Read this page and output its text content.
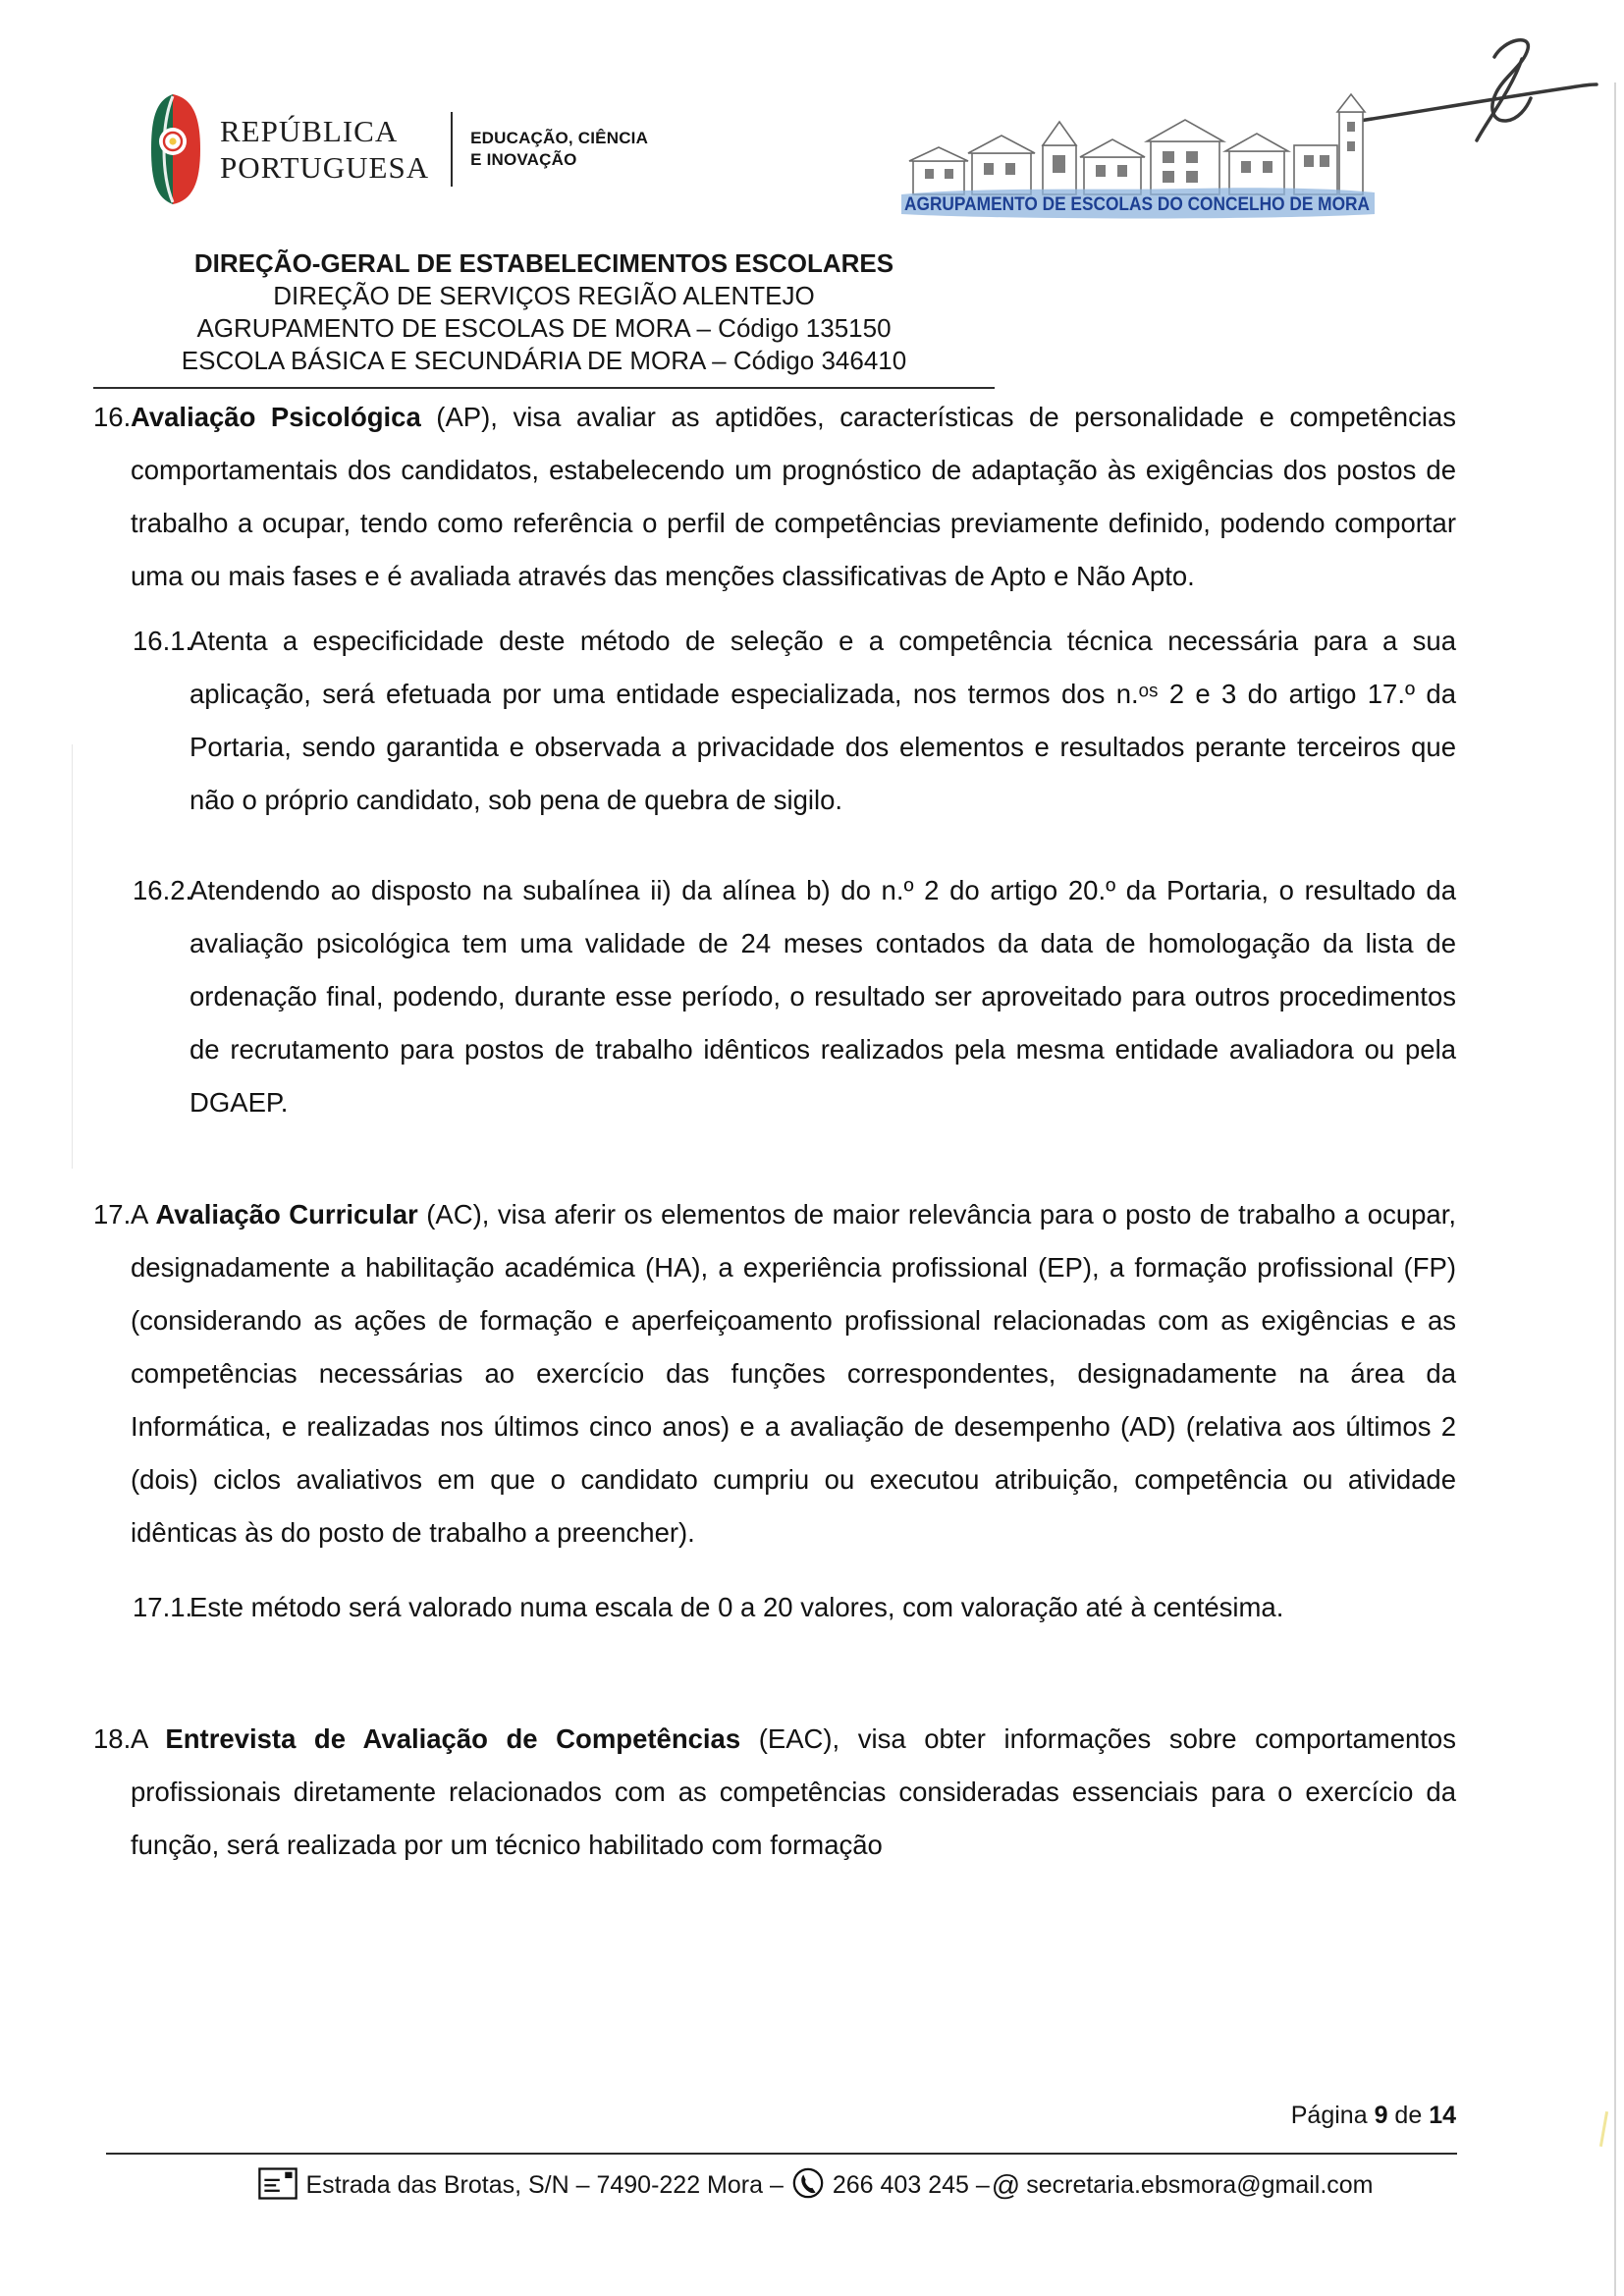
REPÚBLICA
PORTUGUESA
EDUCAÇÃO, CIÊNCIA
E INOVAÇÃO
AGRUPAMENTO DE ESCOLAS DO CONCELHO DE MORA
DIREÇÃO-GERAL DE ESTABELECIMENTOS ESCOLARES
DIREÇÃO DE SERVIÇOS REGIÃO ALENTEJO
AGRUPAMENTO DE ESCOLAS DE MORA – Código 135150
ESCOLA BÁSICA E SECUNDÁRIA DE MORA – Código 346410

16.Avaliação Psicológica (AP), visa avaliar as aptidões, características de personalidade e competências comportamentais dos candidatos, estabelecendo um prognóstico de adaptação às exigências dos postos de trabalho a ocupar, tendo como referência o perfil de competências previamente definido, podendo comportar uma ou mais fases e é avaliada através das menções classificativas de Apto e Não Apto.

16.1.Atenta a especificidade deste método de seleção e a competência técnica necessária para a sua aplicação, será efetuada por uma entidade especializada, nos termos dos n.ᵒˢ 2 e 3 do artigo 17.º da Portaria, sendo garantida e observada a privacidade dos elementos e resultados perante terceiros que não o próprio candidato, sob pena de quebra de sigilo.

16.2.Atendendo ao disposto na subalínea ii) da alínea b) do n.º 2 do artigo 20.º da Portaria, o resultado da avaliação psicológica tem uma validade de 24 meses contados da data de homologação da lista de ordenação final, podendo, durante esse período, o resultado ser aproveitado para outros procedimentos de recrutamento para postos de trabalho idênticos realizados pela mesma entidade avaliadora ou pela DGAEP.

17.A Avaliação Curricular (AC), visa aferir os elementos de maior relevância para o posto de trabalho a ocupar, designadamente a habilitação académica (HA), a experiência profissional (EP), a formação profissional (FP) (considerando as ações de formação e aperfeiçoamento profissional relacionadas com as exigências e as competências necessárias ao exercício das funções correspondentes, designadamente na área da Informática, e realizadas nos últimos cinco anos) e a avaliação de desempenho (AD) (relativa aos últimos 2 (dois) ciclos avaliativos em que o candidato cumpriu ou executou atribuição, competência ou atividade idênticas às do posto de trabalho a preencher).

17.1.Este método será valorado numa escala de 0 a 20 valores, com valoração até à centésima.

18.A Entrevista de Avaliação de Competências (EAC), visa obter informações sobre comportamentos profissionais diretamente relacionados com as competências consideradas essenciais para o exercício da função, será realizada por um técnico habilitado com formação

Página 9 de 14
Estrada das Brotas, S/N – 7490-222 Mora – 266 403 245 –@ secretaria.ebsmora@gmail.com
